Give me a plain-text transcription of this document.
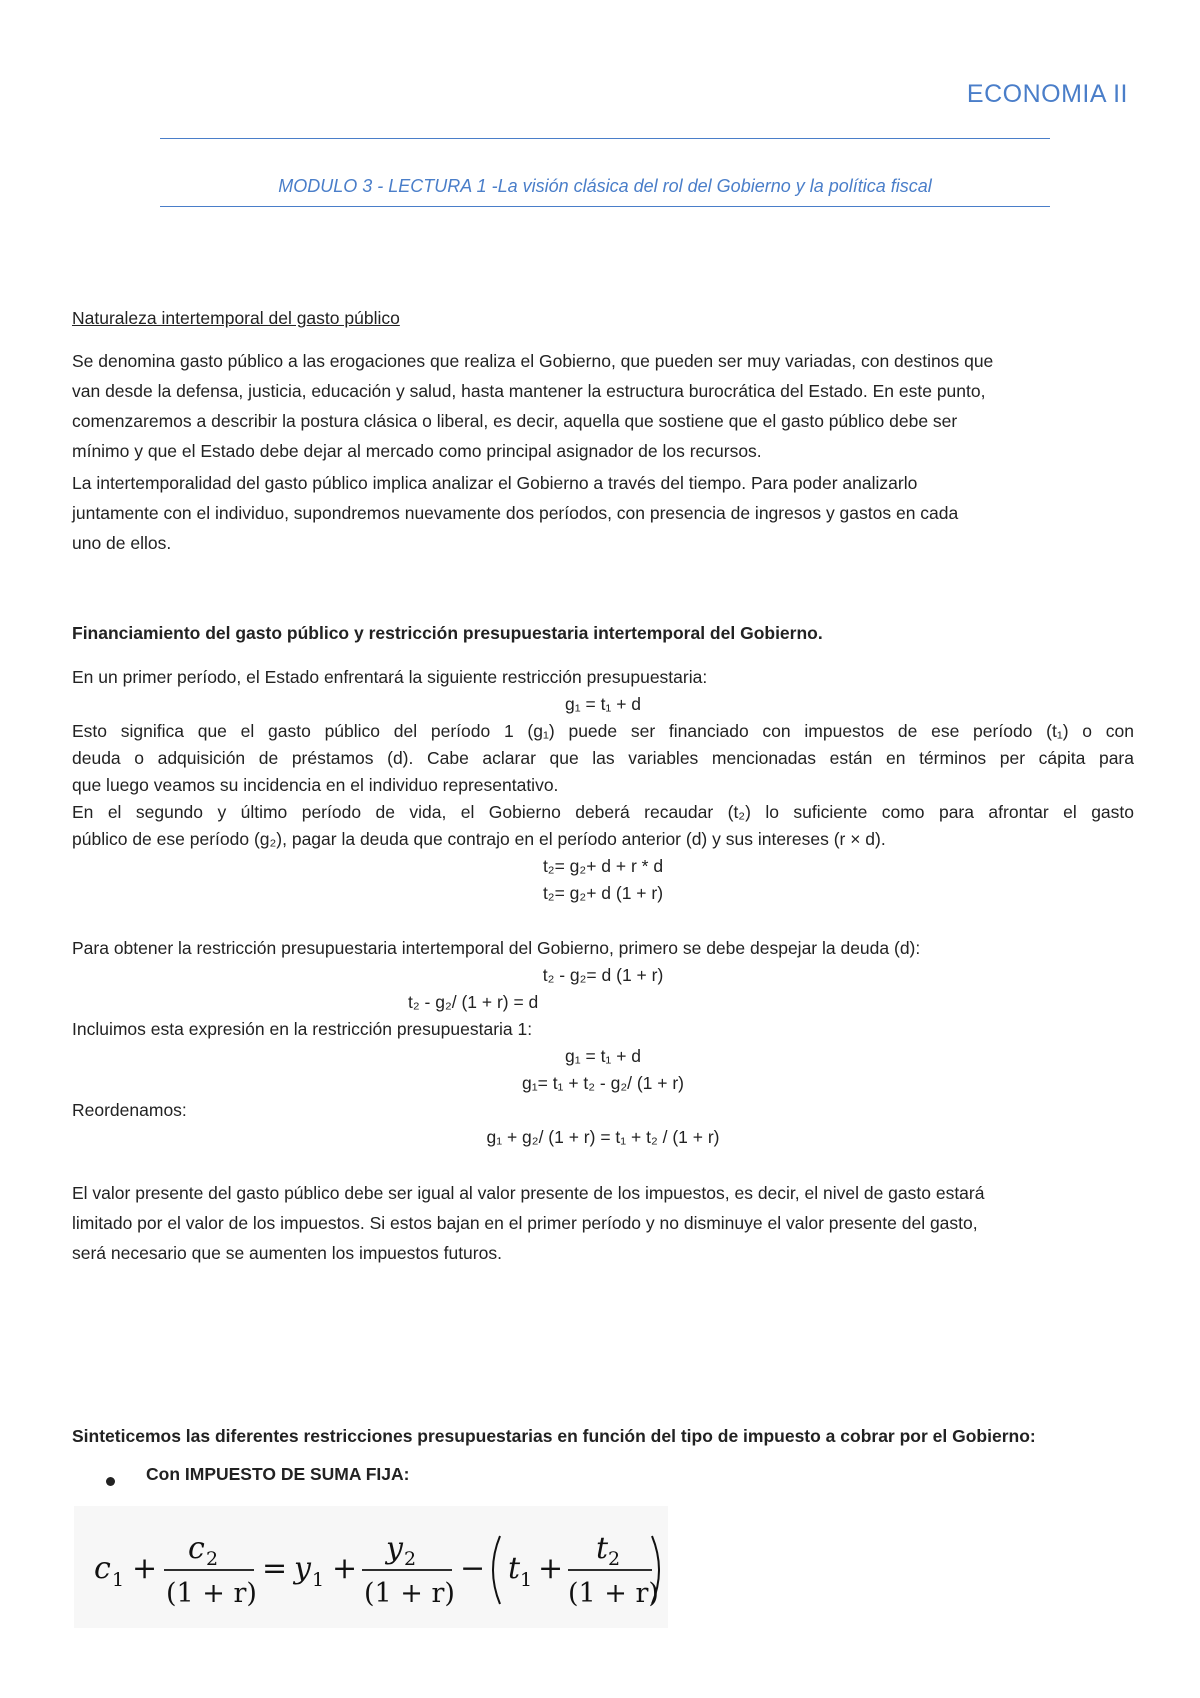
ECONOMIA II
MODULO 3 - LECTURA 1 -La visión clásica del rol del Gobierno y la política fiscal
Naturaleza intertemporal del gasto público
Se denomina gasto público a las erogaciones que realiza el Gobierno, que pueden ser muy variadas, con destinos que
van desde la defensa, justicia, educación y salud, hasta mantener la estructura burocrática del Estado. En este punto,
comenzaremos a describir la postura clásica o liberal, es decir, aquella que sostiene que el gasto público debe ser
mínimo y que el Estado debe dejar al mercado como principal asignador de los recursos.
La intertemporalidad del gasto público implica analizar el Gobierno a través del tiempo. Para poder analizarlo
juntamente con el individuo, supondremos nuevamente dos períodos, con presencia de ingresos y gastos en cada
uno de ellos.
Financiamiento del gasto público y restricción presupuestaria intertemporal del Gobierno.
En un primer período, el Estado enfrentará la siguiente restricción presupuestaria:
g₁ = t₁ + d
Esto significa que el gasto público del período 1 (g₁) puede ser financiado con impuestos de ese período (t₁) o con
deuda o adquisición de préstamos (d). Cabe aclarar que las variables mencionadas están en términos per cápita para
que luego veamos su incidencia en el individuo representativo.
En el segundo y último período de vida, el Gobierno deberá recaudar (t₂) lo suficiente como para afrontar el gasto
público de ese período (g₂), pagar la deuda que contrajo en el período anterior (d) y sus intereses (r × d).
t₂= g₂+ d + r * d
t₂= g₂+ d (1 + r)
Para obtener la restricción presupuestaria intertemporal del Gobierno, primero se debe despejar la deuda (d):
t₂ - g₂= d (1 + r)
t₂ - g₂/ (1 + r) = d
Incluimos esta expresión en la restricción presupuestaria 1:
g₁ = t₁ + d
g₁= t₁ + t₂ - g₂/ (1 + r)
Reordenamos:
g₁ + g₂/ (1 + r) = t₁ + t₂ / (1 + r)
El valor presente del gasto público debe ser igual al valor presente de los impuestos, es decir, el nivel de gasto estará
limitado por el valor de los impuestos. Si estos bajan en el primer período y no disminuye el valor presente del gasto,
será necesario que se aumenten los impuestos futuros.
Sinteticemos las diferentes restricciones presupuestarias en función del tipo de impuesto a cobrar por el Gobierno:
Con IMPUESTO DE SUMA FIJA:
c 1 +
c 2
(1 + r)
= y 1 +
y 2
(1 + r)
− t 1 +
t 2
(1 + r)
